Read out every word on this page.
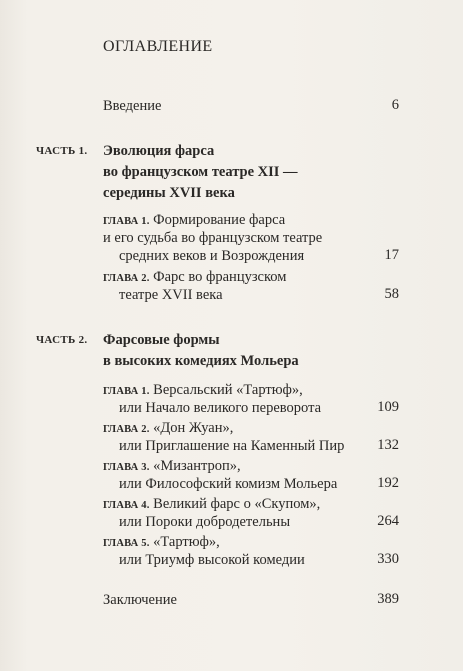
ОГЛАВЛЕНИЕ
Введение	6
ЧАСТЬ 1. Эволюция фарса
во французском театре XII —
середины XVII века
ГЛАВА 1. Формирование фарса
и его судьба во французском театре
средних веков и Возрождения	17
ГЛАВА 2. Фарс во французском
театре XVII века	58
ЧАСТЬ 2. Фарсовые формы
в высоких комедиях Мольера
ГЛАВА 1. Версальский «Тартюф»,
или Начало великого переворота	109
ГЛАВА 2. «Дон Жуан»,
или Приглашение на Каменный Пир	132
ГЛАВА 3. «Мизантроп»,
или Философский комизм Мольера	192
ГЛАВА 4. Великий фарс о «Скупом»,
или Пороки добродетельны	264
ГЛАВА 5. «Тартюф»,
или Триумф высокой комедии	330
Заключение	389
